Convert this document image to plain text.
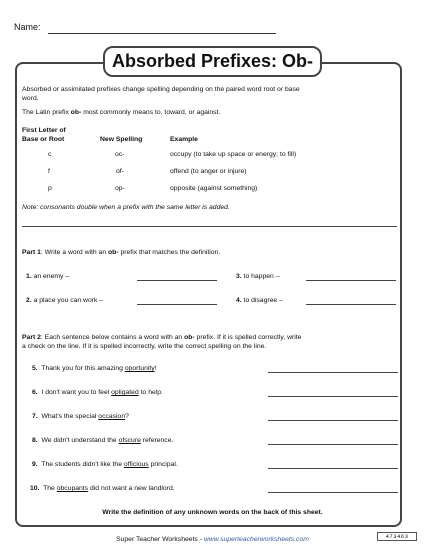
Name:
Absorbed Prefixes: Ob-
Absorbed or assimilated prefixes change spelling depending on the paired word root or base
word.
The Latin prefix ob- most commonly means to, toward, or against.
First Letter of
Base or Root	New Spelling	Example
c	oc-	occupy (to take up space or energy; to fill)
f	of-	offend (to anger or injure)
p	op-	opposite (against something)
Note: consonants double when a prefix with the same letter is added.
Part 1: Write a word with an ob- prefix that matches the definition.
1. an enemy –	3. to happen –
2. a place you can work –	4. to disagree –
Part 2: Each sentence below contains a word with an ob- prefix. If it is spelled correctly, write
a check on the line. If it is spelled incorrectly, write the correct spelling on the line.
5. Thank you for this amazing oportunity!
6. I don't want you to feel opligated to help.
7. What's the special occasion?
8. We didn't understand the ofscure reference.
9. The students didn't like the officious principal.
10. The obcupants did not want a new landlord.
Write the definition of any unknown words on the back of this sheet.
Super Teacher Worksheets - www.superteacherworksheets.com	473463
